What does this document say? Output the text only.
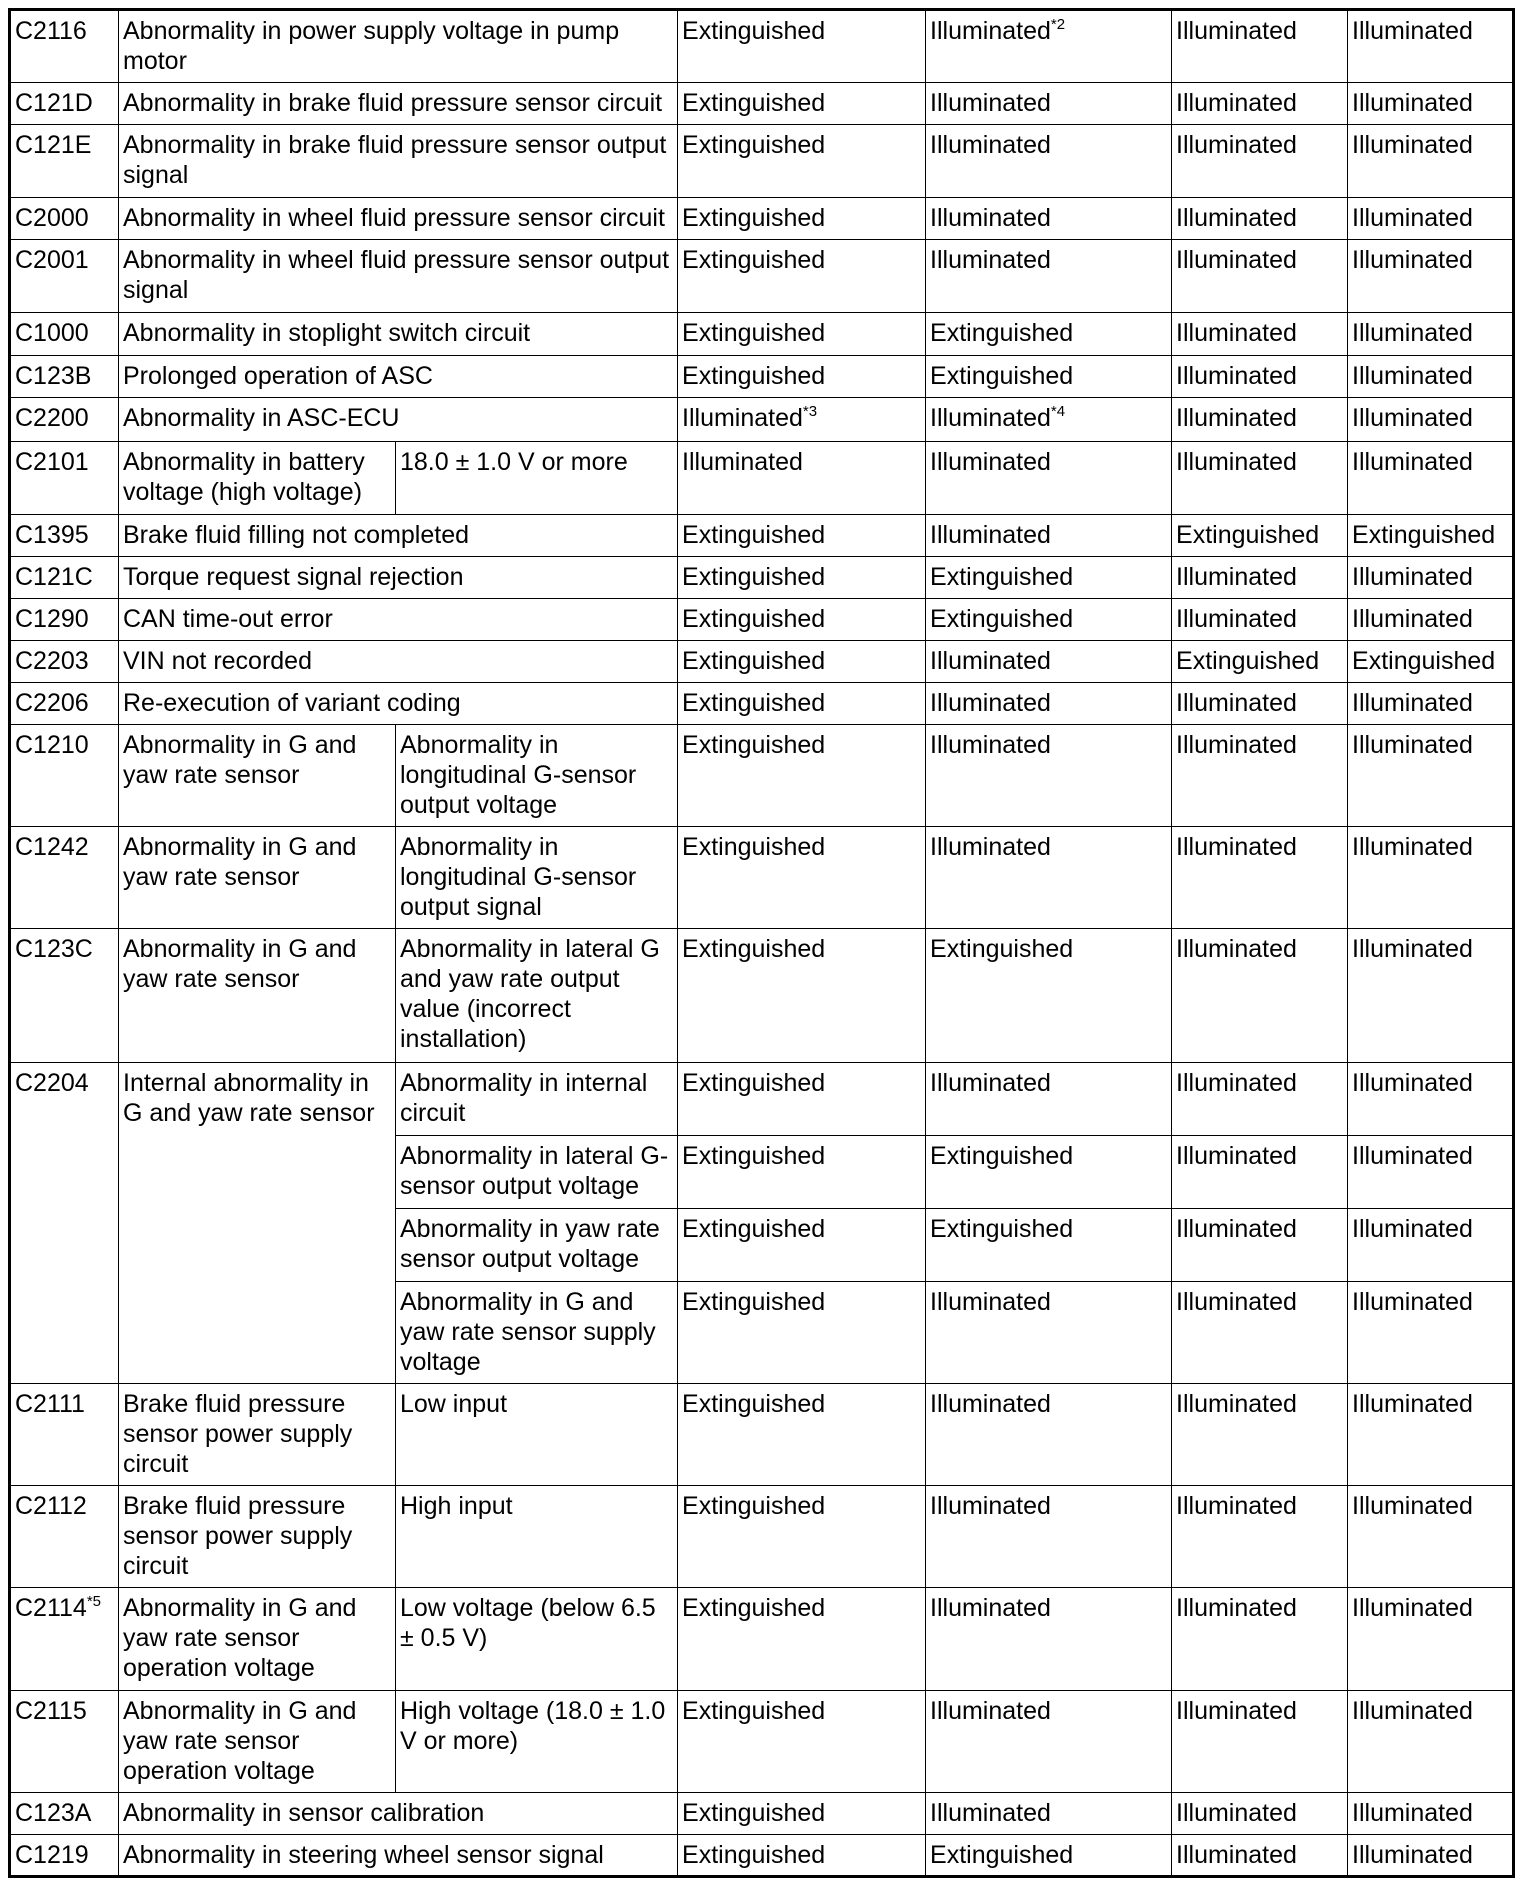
C2116	Abnormality in power supply voltage in pump motor		Extinguished	Illuminated$^{*2}$	Illuminated	Illuminated
C121D	Abnormality in brake fluid pressure sensor circuit		Extinguished	Illuminated	Illuminated	Illuminated
C121E	Abnormality in brake fluid pressure sensor output signal		Extinguished	Illuminated	Illuminated	Illuminated
C2000	Abnormality in wheel fluid pressure sensor circuit		Extinguished	Illuminated	Illuminated	Illuminated
C2001	Abnormality in wheel fluid pressure sensor output signal		Extinguished	Illuminated	Illuminated	Illuminated
C1000	Abnormality in stoplight switch circuit		Extinguished	Extinguished	Illuminated	Illuminated
C123B	Prolonged operation of ASC		Extinguished	Extinguished	Illuminated	Illuminated
C2200	Abnormality in ASC-ECU		Illuminated$^{*3}$	Illuminated$^{*4}$	Illuminated	Illuminated
C2101	Abnormality in battery voltage (high voltage)	18.0 ± 1.0 V or more	Illuminated	Illuminated	Illuminated	Illuminated
C1395	Brake fluid filling not completed		Extinguished	Illuminated	Extinguished	Extinguished
C121C	Torque request signal rejection		Extinguished	Extinguished	Illuminated	Illuminated
C1290	CAN time-out error		Extinguished	Extinguished	Illuminated	Illuminated
C2203	VIN not recorded		Extinguished	Illuminated	Extinguished	Extinguished
C2206	Re-execution of variant coding		Extinguished	Illuminated	Illuminated	Illuminated
C1210	Abnormality in G and yaw rate sensor	Abnormality in longitudinal G-sensor output voltage	Extinguished	Illuminated	Illuminated	Illuminated
C1242	Abnormality in G and yaw rate sensor	Abnormality in longitudinal G-sensor output signal	Extinguished	Illuminated	Illuminated	Illuminated
C123C	Abnormality in G and yaw rate sensor	Abnormality in lateral G and yaw rate output value (incorrect installation)	Extinguished	Extinguished	Illuminated	Illuminated
C2204	Internal abnormality in G and yaw rate sensor	Abnormality in internal circuit	Extinguished	Illuminated	Illuminated	Illuminated
		Abnormality in lateral G-sensor output voltage	Extinguished	Extinguished	Illuminated	Illuminated
		Abnormality in yaw rate sensor output voltage	Extinguished	Extinguished	Illuminated	Illuminated
		Abnormality in G and yaw rate sensor supply voltage	Extinguished	Illuminated	Illuminated	Illuminated
C2111	Brake fluid pressure sensor power supply circuit	Low input	Extinguished	Illuminated	Illuminated	Illuminated
C2112	Brake fluid pressure sensor power supply circuit	High input	Extinguished	Illuminated	Illuminated	Illuminated
C2114$^{*5}$	Abnormality in G and yaw rate sensor operation voltage	Low voltage (below 6.5 ± 0.5 V)	Extinguished	Illuminated	Illuminated	Illuminated
C2115	Abnormality in G and yaw rate sensor operation voltage	High voltage (18.0 ± 1.0 V or more)	Extinguished	Illuminated	Illuminated	Illuminated
C123A	Abnormality in sensor calibration		Extinguished	Illuminated	Illuminated	Illuminated
C1219	Abnormality in steering wheel sensor signal		Extinguished	Extinguished	Illuminated	Illuminated
